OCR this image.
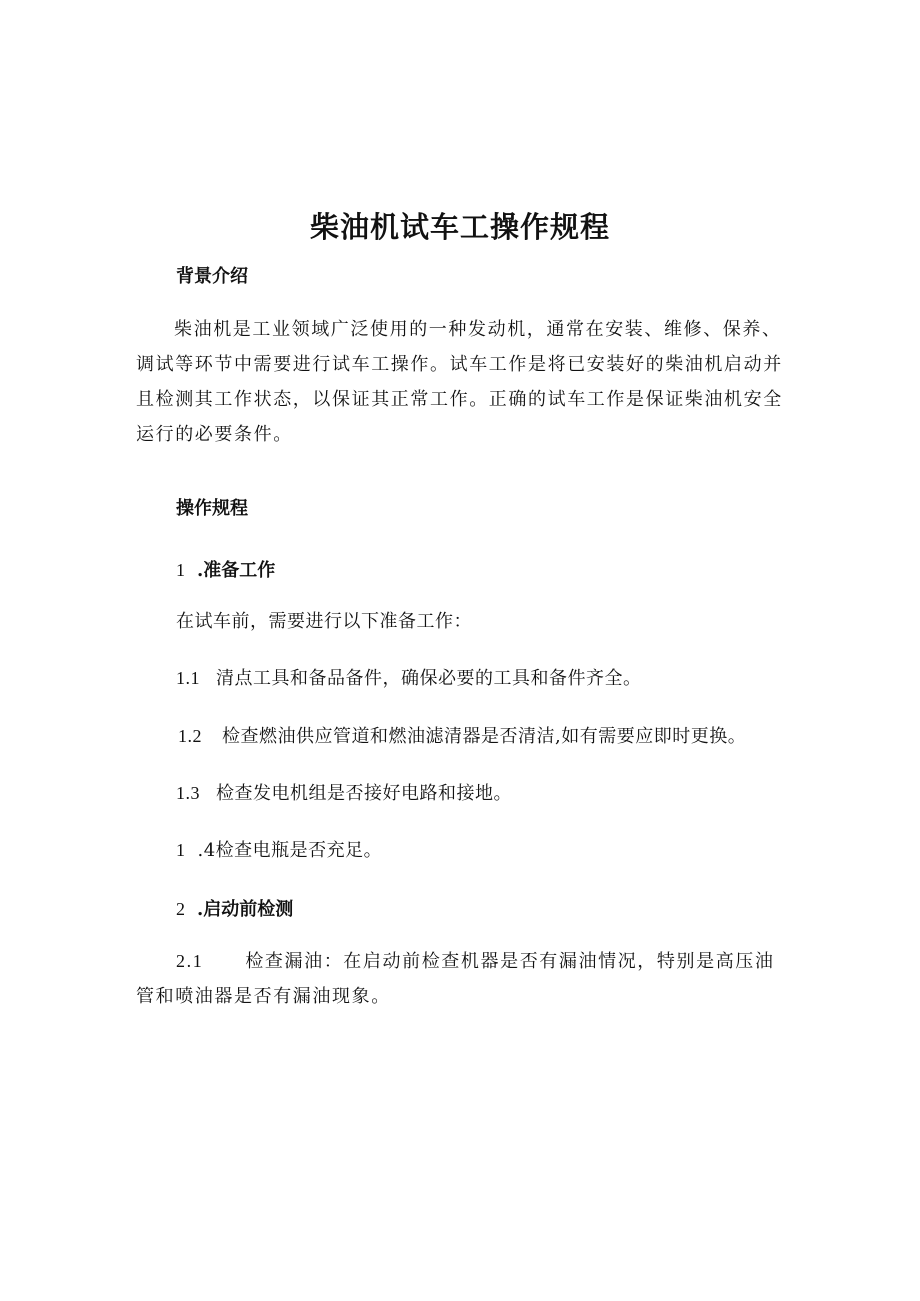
柴油机试车工操作规程
背景介绍
柴油机是工业领域广泛使用的一种发动机，通常在安装、维修、保养、调试等环节中需要进行试车工操作。试车工作是将已安装好的柴油机启动并且检测其工作状态，以保证其正常工作。正确的试车工作是保证柴油机安全运行的必要条件。
操作规程
1 .准备工作
在试车前，需要进行以下准备工作：
1.1 清点工具和备品备件，确保必要的工具和备件齐全。
1.2 检查燃油供应管道和燃油滤清器是否清洁,如有需要应即时更换。
1.3 检查发电机组是否接好电路和接地。
1 .4检查电瓶是否充足。
2 .启动前检测
2.1 检查漏油：在启动前检查机器是否有漏油情况，特别是高压油管和喷油器是否有漏油现象。
